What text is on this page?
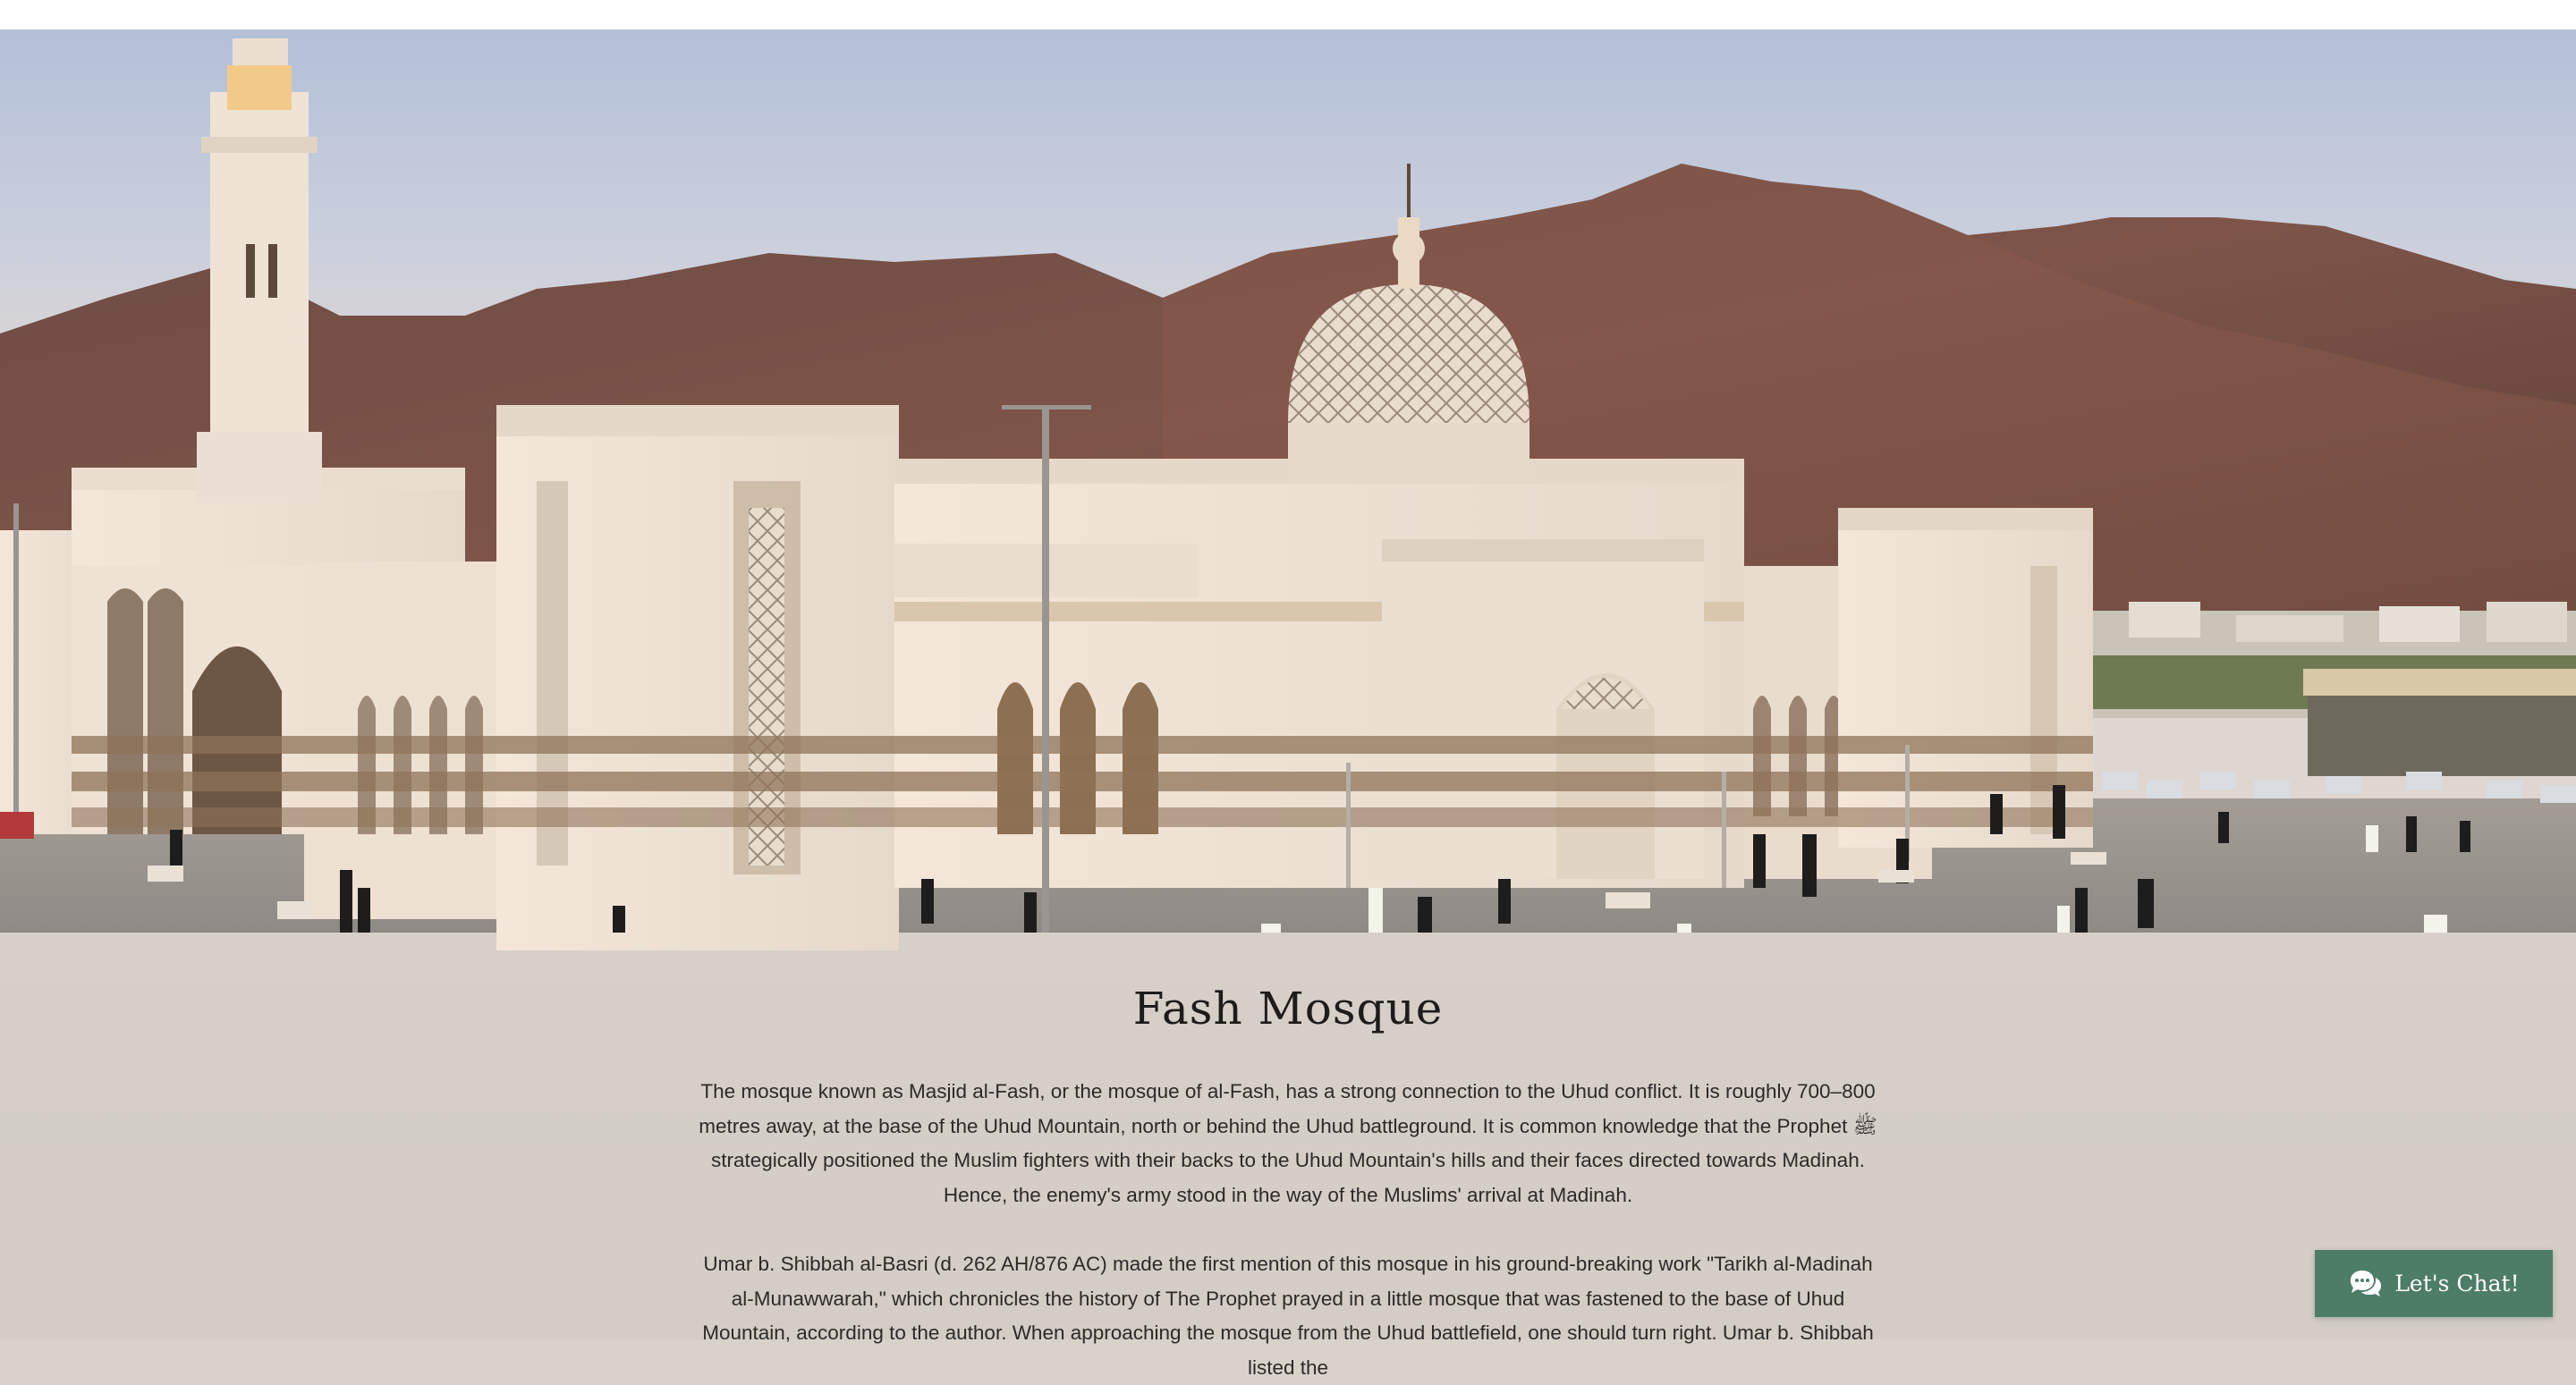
Fash Mosque

The mosque known as Masjid al-Fash, or the mosque of al-Fash, has a strong connection to the Uhud conflict. It is roughly 700–800 metres away, at the base of the Uhud Mountain, north or behind the Uhud battleground. It is common knowledge that the Prophet ﷺ strategically positioned the Muslim fighters with their backs to the Uhud Mountain's hills and their faces directed towards Madinah. Hence, the enemy's army stood in the way of the Muslims' arrival at Madinah.

Umar b. Shibbah al-Basri (d. 262 AH/876 AC) made the first mention of this mosque in his ground-breaking work "Tarikh al-Madinah al-Munawwarah," which chronicles the history of The Prophet prayed in a little mosque that was fastened to the base of Uhud Mountain, according to the author. When approaching the mosque from the Uhud battlefield, one should turn right. Umar b. Shibbah listed the

Let's Chat!
